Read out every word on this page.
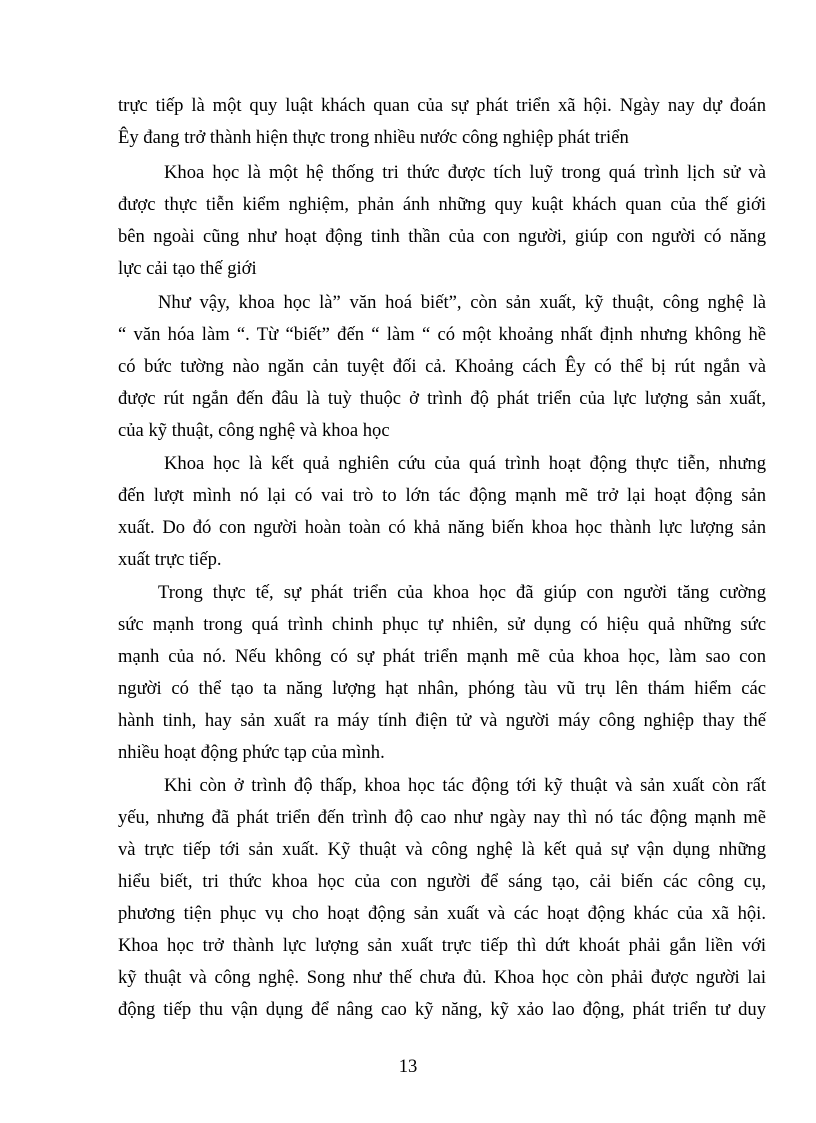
trực tiếp là một quy luật khách quan của sự phát triển xã hội. Ngày nay dự đoán
Êy đang trở thành hiện thực trong nhiều nước công nghiệp phát triển
Khoa học là một hệ thống tri thức được tích luỹ trong quá trình lịch sử và
được thực tiễn kiểm nghiệm, phản ánh những quy kuật khách quan của thế giới
bên ngoài cũng như hoạt động tinh thần của con người, giúp con người có năng
lực cải tạo thế giới
Như vậy, khoa học là” văn hoá biết”, còn sản xuất, kỹ thuật, công nghệ là
“ văn hóa làm “. Từ “biết” đến “ làm “ có một khoảng nhất định nhưng không hề
có bức tường nào ngăn cản tuyệt đối cả. Khoảng cách Êy có thể bị rút ngắn và
được rút ngắn đến đâu là tuỳ thuộc ở trình độ phát triển của lực lượng sản xuất,
của kỹ thuật, công nghệ và khoa học
Khoa học là kết quả nghiên cứu của quá trình hoạt động thực tiễn, nhưng
đến lượt mình nó lại có vai trò to lớn tác động mạnh mẽ trở lại hoạt động sản
xuất. Do đó con người hoàn toàn có khả năng biến khoa học thành lực lượng sản
xuất trực tiếp.
Trong thực tế, sự phát triển của khoa học đã giúp con người tăng cường
sức mạnh trong quá trình chinh phục tự nhiên, sử dụng có hiệu quả những sức
mạnh của nó. Nếu không có sự phát triển mạnh mẽ của khoa học, làm sao con
người có thể tạo ta năng lượng hạt nhân, phóng tàu vũ trụ lên thám hiểm các
hành tinh, hay sản xuất ra máy tính điện tử và người máy công nghiệp thay thế
nhiều hoạt động phức tạp của mình.
Khi còn ở trình độ thấp, khoa học tác động tới kỹ thuật và sản xuất còn rất
yếu, nhưng đã phát triển đến trình độ cao như ngày nay thì nó tác động mạnh mẽ
và trực tiếp tới sản xuất. Kỹ thuật và công nghệ là kết quả sự vận dụng những
hiểu biết, tri thức khoa học của con người để sáng tạo, cải biến các công cụ,
phương tiện phục vụ cho hoạt động sản xuất và các hoạt động khác của xã hội.
Khoa học trở thành lực lượng sản xuất trực tiếp thì dứt khoát phải gắn liền với
kỹ thuật và công nghệ. Song như thế chưa đủ. Khoa học còn phải được người lai
động tiếp thu vận dụng để nâng cao kỹ năng, kỹ xảo lao động, phát triển tư duy
13
